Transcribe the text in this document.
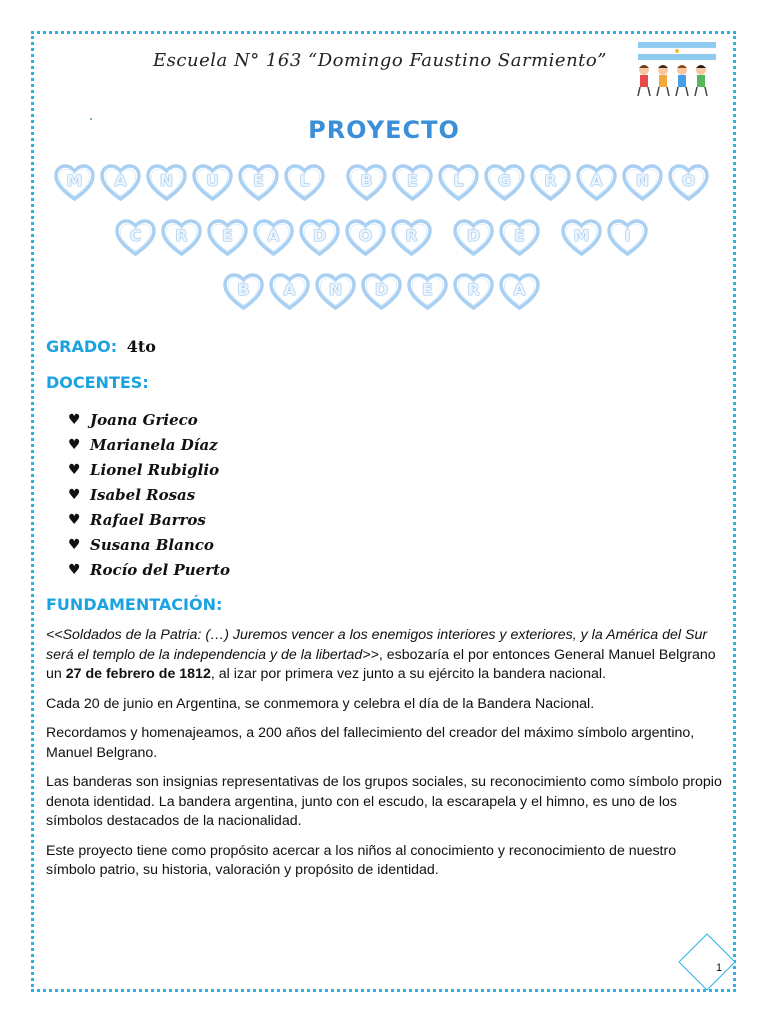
Escuela N° 163 “Domingo Faustino Sarmiento”
PROYECTO
M	A	N	U	E	L	B	E	L	G	R	A	N	O
C	R	E	A	D	O	R	D	E	M	I
B	A	N	D	E	R	A
GRADO: 4to
DOCENTES:
♥ Joana Grieco
♥ Marianela Díaz
♥ Lionel Rubiglio
♥ Isabel Rosas
♥ Rafael Barros
♥ Susana Blanco
♥ Rocío del Puerto
FUNDAMENTACIÓN:

<<Soldados de la Patria: (…) Juremos vencer a los enemigos interiores y exteriores, y la América del Sur será el templo de la independencia y de la libertad>>, esbozaría el por entonces General Manuel Belgrano un 27 de febrero de 1812, al izar por primera vez junto a su ejército la bandera nacional.

Cada 20 de junio en Argentina, se conmemora y celebra el día de la Bandera Nacional.

Recordamos y homenajeamos, a 200 años del fallecimiento del creador del máximo símbolo argentino, Manuel Belgrano.

Las banderas son insignias representativas de los grupos sociales, su reconocimiento como símbolo propio denota identidad. La bandera argentina, junto con el escudo, la escarapela y el himno, es uno de los símbolos destacados de la nacionalidad.

Este proyecto tiene como propósito acercar a los niños al conocimiento y reconocimiento de nuestro símbolo patrio, su historia, valoración y propósito de identidad.

1
